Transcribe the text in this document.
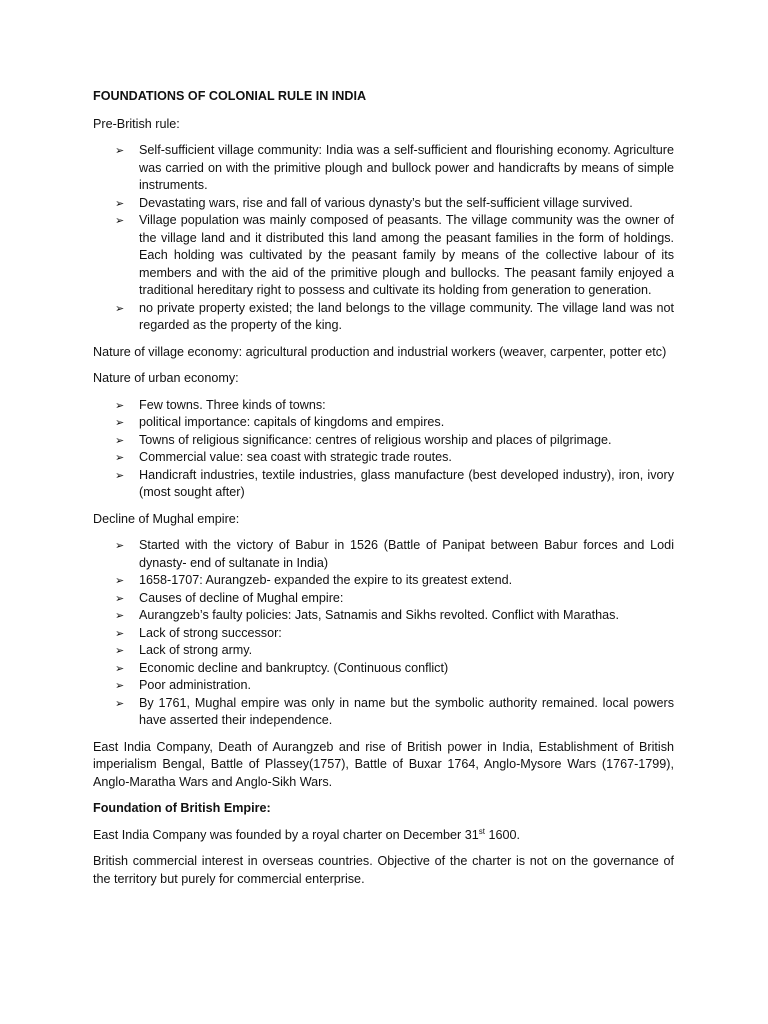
FOUNDATIONS OF COLONIAL RULE IN INDIA

Pre-British rule:

➢ Self-sufficient village community: India was a self-sufficient and flourishing economy. Agriculture was carried on with the primitive plough and bullock power and handicrafts by means of simple instruments.
➢ Devastating wars, rise and fall of various dynasty’s but the self-sufficient village survived.
➢ Village population was mainly composed of peasants. The village community was the owner of the village land and it distributed this land among the peasant families in the form of holdings. Each holding was cultivated by the peasant family by means of the collective labour of its members and with the aid of the primitive plough and bullocks. The peasant family enjoyed a traditional hereditary right to possess and cultivate its holding from generation to generation.
➢ no private property existed; the land belongs to the village community. The village land was not regarded as the property of the king.

Nature of village economy: agricultural production and industrial workers (weaver, carpenter, potter etc)

Nature of urban economy:

➢ Few towns. Three kinds of towns:
➢ political importance: capitals of kingdoms and empires.
➢ Towns of religious significance: centres of religious worship and places of pilgrimage.
➢ Commercial value: sea coast with strategic trade routes.
➢ Handicraft industries, textile industries, glass manufacture (best developed industry), iron, ivory (most sought after)

Decline of Mughal empire:

➢ Started with the victory of Babur in 1526 (Battle of Panipat between Babur forces and Lodi dynasty- end of sultanate in India)
➢ 1658-1707: Aurangzeb- expanded the expire to its greatest extend.
➢ Causes of decline of Mughal empire:
➢ Aurangzeb’s faulty policies: Jats, Satnamis and Sikhs revolted. Conflict with Marathas.
➢ Lack of strong successor:
➢ Lack of strong army.
➢ Economic decline and bankruptcy. (Continuous conflict)
➢ Poor administration.
➢ By 1761, Mughal empire was only in name but the symbolic authority remained. local powers have asserted their independence.

East India Company, Death of Aurangzeb and rise of British power in India, Establishment of British imperialism Bengal, Battle of Plassey(1757), Battle of Buxar 1764, Anglo-Mysore Wars (1767-1799), Anglo-Maratha Wars and Anglo-Sikh Wars.

Foundation of British Empire:

East India Company was founded by a royal charter on December 31st 1600.

British commercial interest in overseas countries. Objective of the charter is not on the governance of the territory but purely for commercial enterprise.
